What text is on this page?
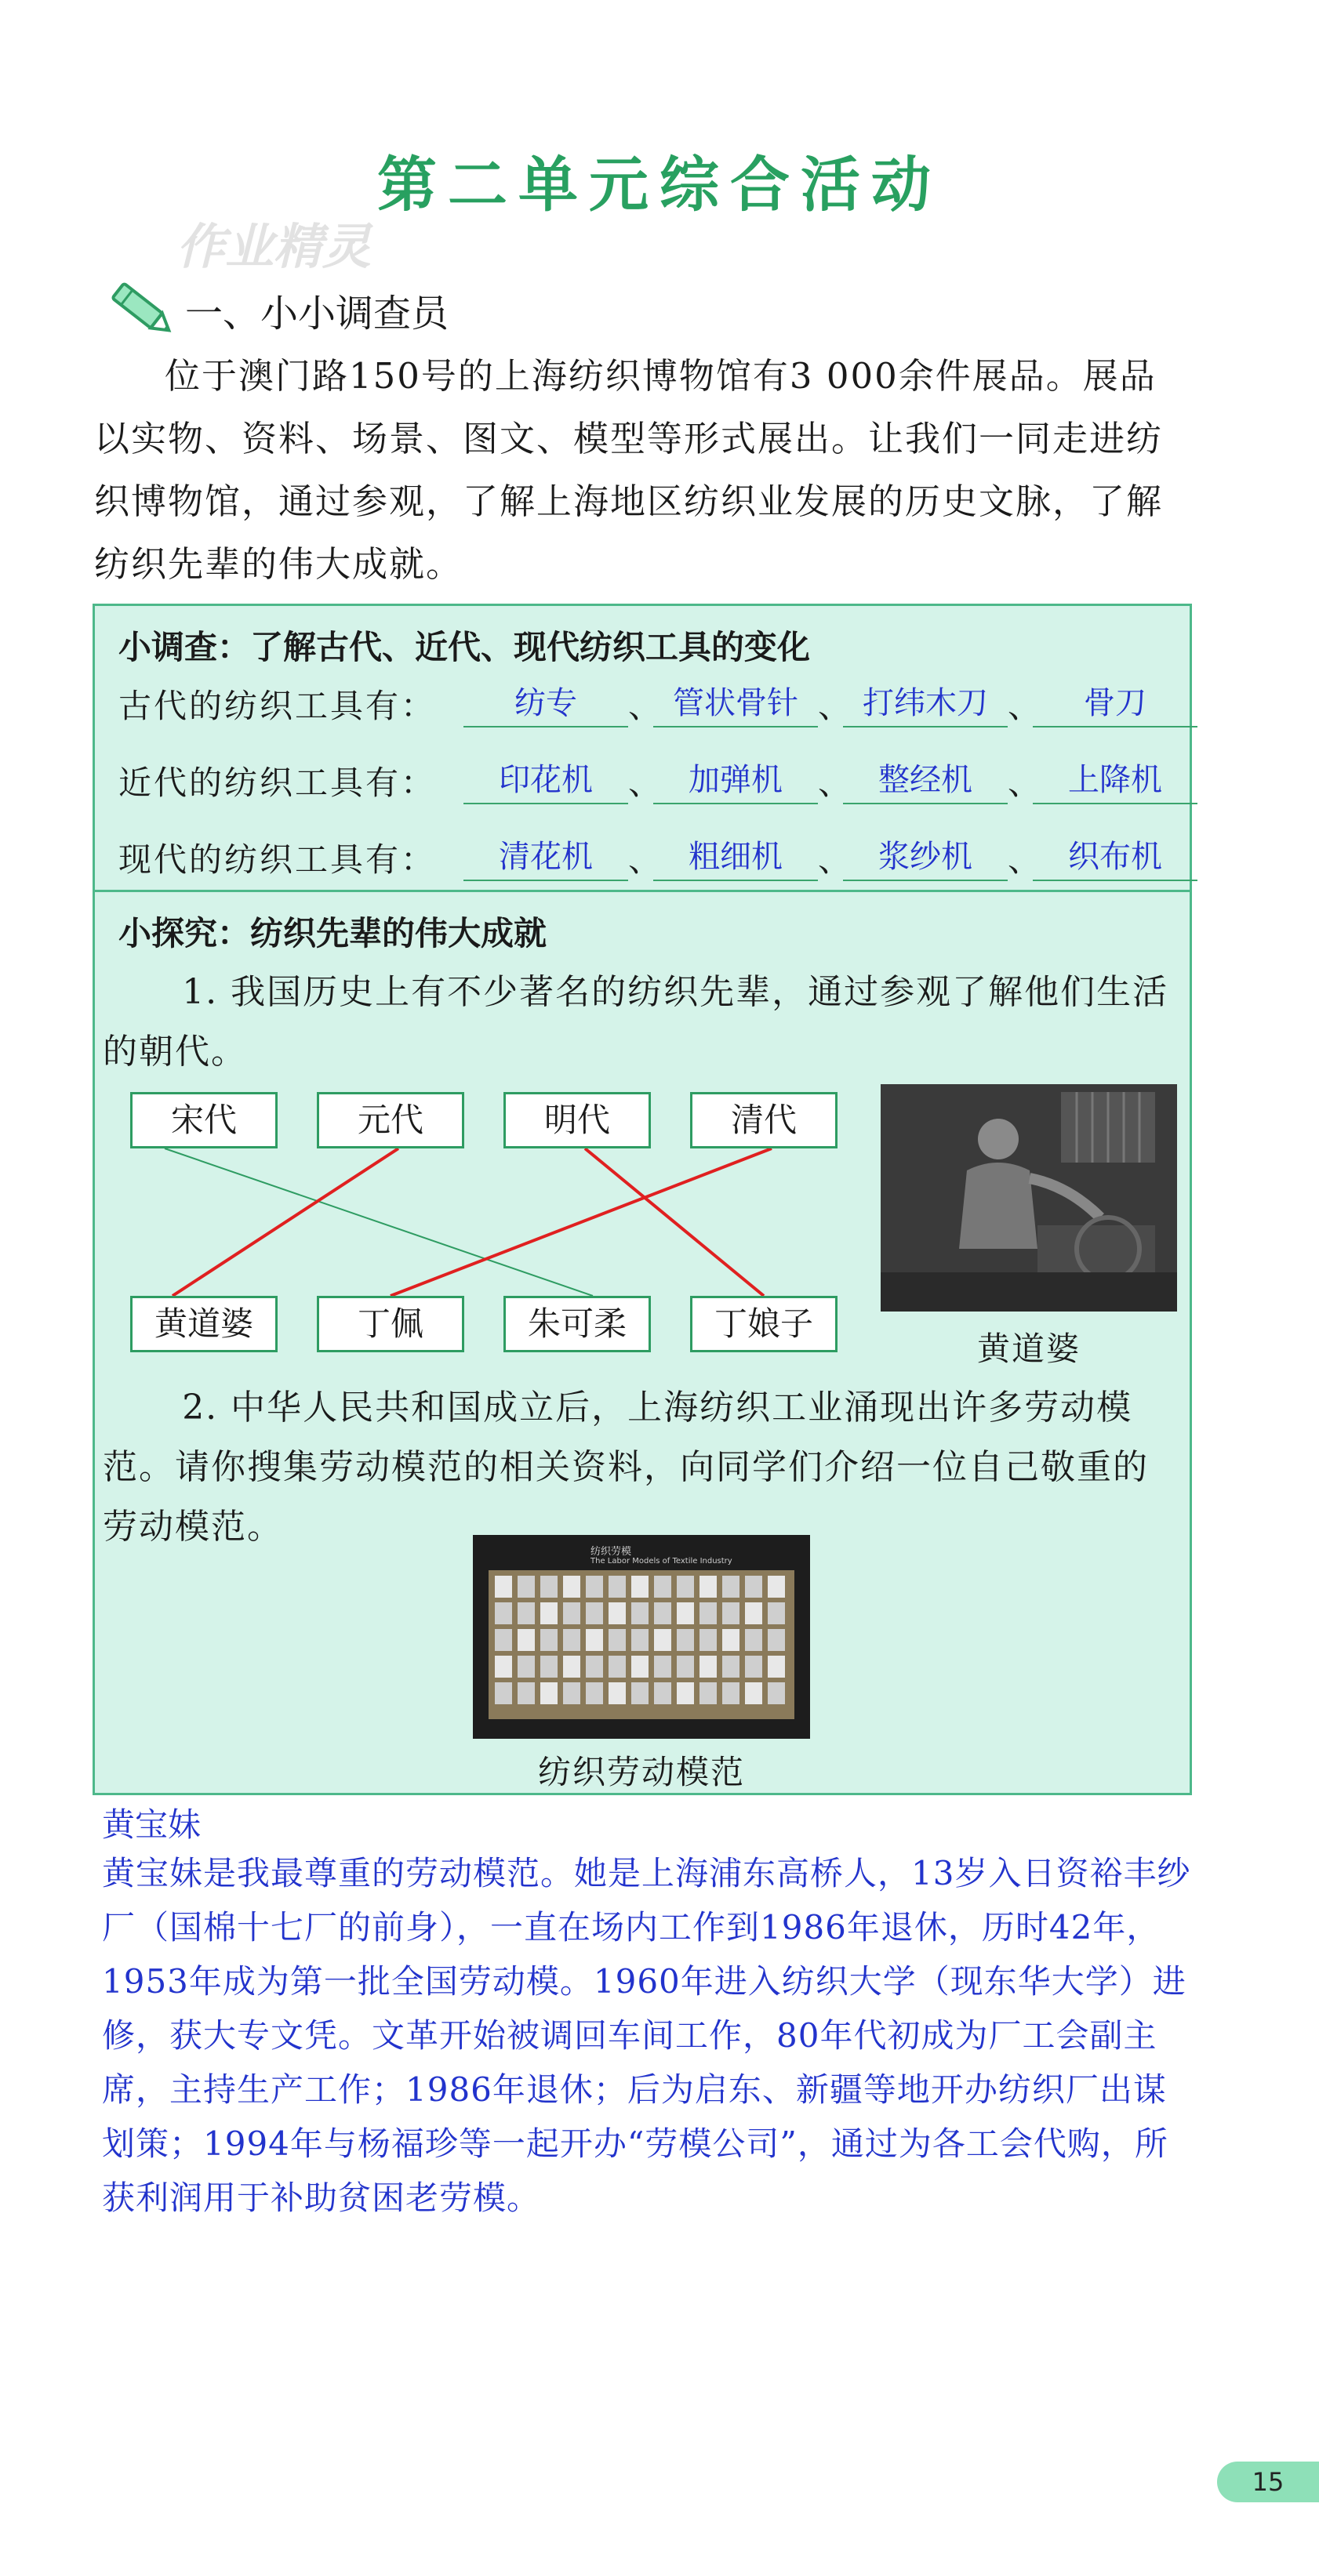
第二单元综合活动
作业精灵
一、小小调查员
位于澳门路150号的上海纺织博物馆有3 000余件展品。展品以实物、资料、场景、图文、模型等形式展出。让我们一同走进纺织博物馆，通过参观，了解上海地区纺织业发展的历史文脉，了解纺织先辈的伟大成就。
小调查：了解古代、近代、现代纺织工具的变化
古代的纺织工具有：	纺专	、 管状骨针 、 打纬木刀 、	骨刀
近代的纺织工具有：	印花机	、 加弹机	、 整经机	、 上降机
现代的纺织工具有：	清花机	、 粗细机	、 浆纱机	、 织布机
小探究：纺织先辈的伟大成就
1. 我国历史上有不少著名的纺织先辈，通过参观了解他们生活的朝代。
宋代	元代	明代	清代
黄道婆	丁佩	朱可柔	丁娘子
黄道婆
2. 中华人民共和国成立后，上海纺织工业涌现出许多劳动模范。请你搜集劳动模范的相关资料，向同学们介绍一位自己敬重的劳动模范。
纺织劳模
The Labor Models of Textile Industry
纺织劳动模范
黄宝妹
黄宝妹是我最尊重的劳动模范。她是上海浦东高桥人，13岁入日资裕丰纱厂（国棉十七厂的前身），一直在场内工作到1986年退休，历时42年，1953年成为第一批全国劳动模。1960年进入纺织大学（现东华大学）进修，获大专文凭。文革开始被调回车间工作，80年代初成为厂工会副主席，主持生产工作；1986年退休；后为启东、新疆等地开办纺织厂出谋划策；1994年与杨福珍等一起开办“劳模公司”，通过为各工会代购，所获利润用于补助贫困老劳模。
15
